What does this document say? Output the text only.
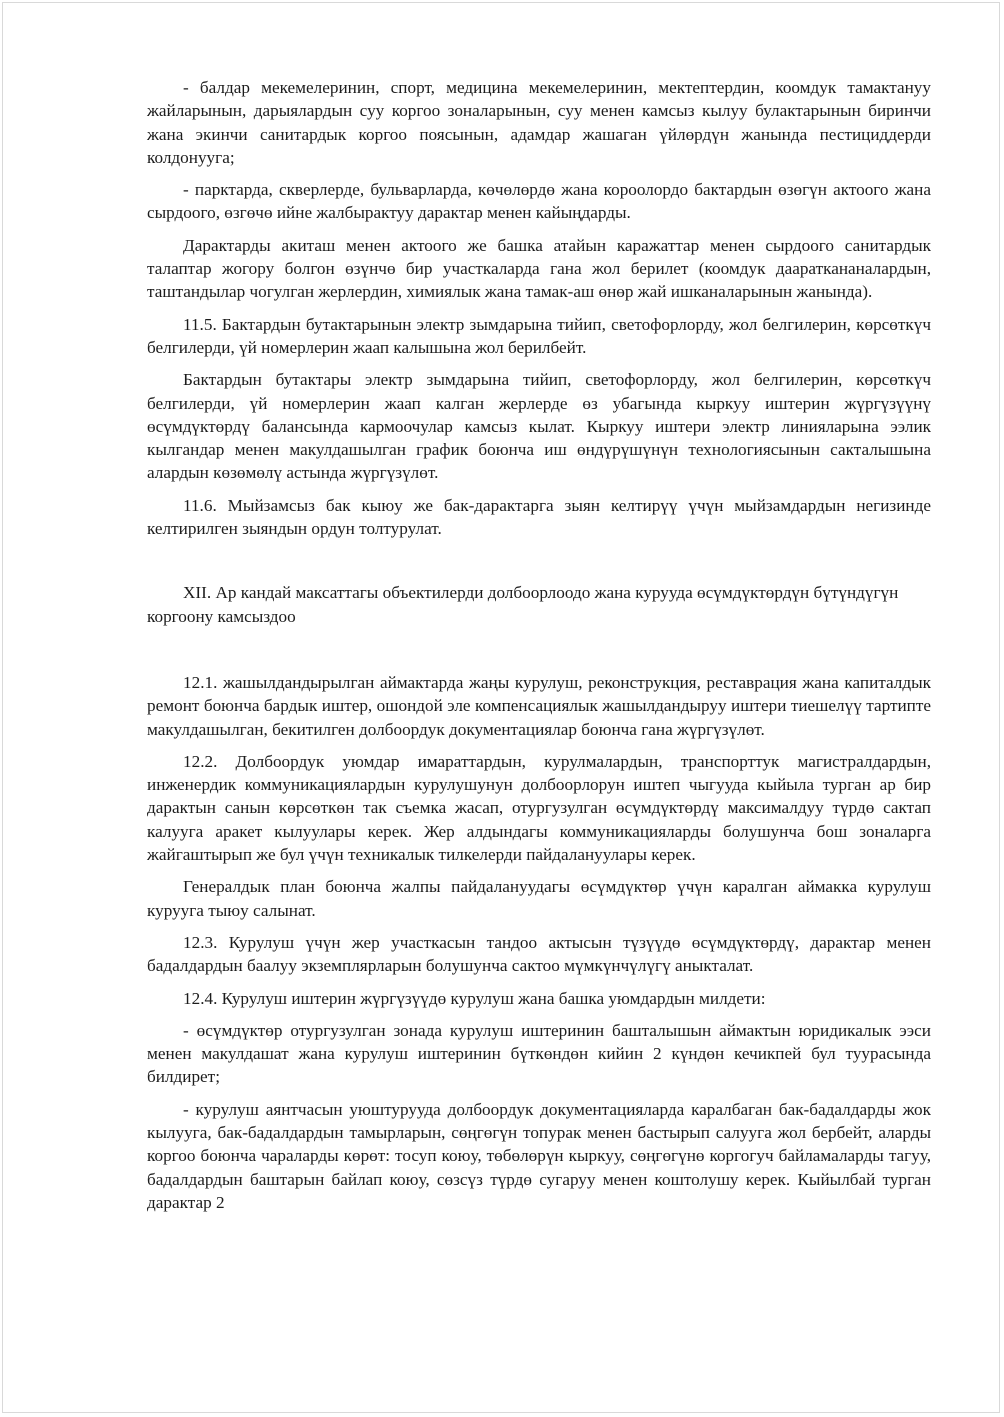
- балдар мекемелеринин, спорт, медицина мекемелеринин, мектептердин, коомдук тамактануу жайларынын, дарыялардын суу коргоо зоналарынын, суу менен камсыз кылуу булактарынын биринчи жана экинчи санитардык коргоо поясынын, адамдар жашаган үйлөрдүн жанында пестициддерди колдонууга;

- парктарда, скверлерде, бульварларда, көчөлөрдө жана короолордо бактардын өзөгүн актоого жана сырдоого, өзгөчө ийне жалбырактуу дарактар менен кайыңдарды.

Дарактарды акиташ менен актоого же башка атайын каражаттар менен сырдоого санитардык талаптар жогору болгон өзүнчө бир участкаларда гана жол берилет (коомдук даараткананалардын, таштандылар чогулган жерлердин, химиялык жана тамак-аш өнөр жай ишканаларынын жанында).

11.5. Бактардын бутактарынын электр зымдарына тийип, светофорлорду, жол белгилерин, көрсөткүч белгилерди, үй номерлерин жаап калышына жол берилбейт.

Бактардын бутактары электр зымдарына тийип, светофорлорду, жол белгилерин, көрсөткүч белгилерди, үй номерлерин жаап калган жерлерде өз убагында кыркуу иштерин жүргүзүүнү өсүмдүктөрдү балансында кармоочулар камсыз кылат. Кыркуу иштери электр линияларына ээлик кылгандар менен макулдашылган график боюнча иш өндүрүшүнүн технологиясынын сакталышына алардын көзөмөлү астында жүргүзүлөт.

11.6. Мыйзамсыз бак кыюу же бак-дарактарга зыян келтирүү үчүн мыйзамдардын негизинде келтирилген зыяндын ордун толтурулат.

XII. Ар кандай максаттагы объектилерди долбоорлоодо жана курууда өсүмдүктөрдүн бүтүндүгүн коргоону камсыздоо

12.1. жашылдандырылган аймактарда жаңы курулуш, реконструкция, реставрация жана капиталдык ремонт боюнча бардык иштер, ошондой эле компенсациялык жашылдандыруу иштери тиешелүү тартипте макулдашылган, бекитилген долбоордук документациялар боюнча гана жүргүзүлөт.

12.2. Долбоордук уюмдар имараттардын, курулмалардын, транспорттук магистралдардын, инженердик коммуникациялардын курулушунун долбоорлорун иштеп чыгууда кыйыла турган ар бир дарактын санын көрсөткөн так съемка жасап, отургузулган өсүмдүктөрдү максималдуу түрдө сактап калууга аракет кылуулары керек. Жер алдындагы коммуникацияларды болушунча бош зоналарга жайгаштырып же бул үчүн техникалык тилкелерди пайдалануулары керек.

Генералдык план боюнча жалпы пайдалануудагы өсүмдүктөр үчүн каралган аймакка курулуш курууга тыюу салынат.

12.3. Курулуш үчүн жер участкасын тандоо актысын түзүүдө өсүмдүктөрдү, дарактар менен бадалдардын баалуу экземплярларын болушунча сактоо мүмкүнчүлүгү аныкталат.

12.4. Курулуш иштерин жүргүзүүдө курулуш жана башка уюмдардын милдети:

- өсүмдүктөр отургузулган зонада курулуш иштеринин башталышын аймактын юридикалык ээси менен макулдашат жана курулуш иштеринин бүткөндөн кийин 2 күндөн кечикпей бул туурасында билдирет;

- курулуш аянтчасын уюштурууда долбоордук документацияларда каралбаган бак-бадалдарды жок кылууга, бак-бадалдардын тамырларын, сөңгөгүн топурак менен бастырып салууга жол бербейт, аларды коргоо боюнча чараларды көрөт: тосуп коюу, төбөлөрүн кыркуу, сөңгөгүнө коргогуч байламаларды тагуу, бадалдардын баштарын байлап коюу, сөзсүз түрдө сугаруу менен коштолушу керек. Кыйылбай турган дарактар 2
